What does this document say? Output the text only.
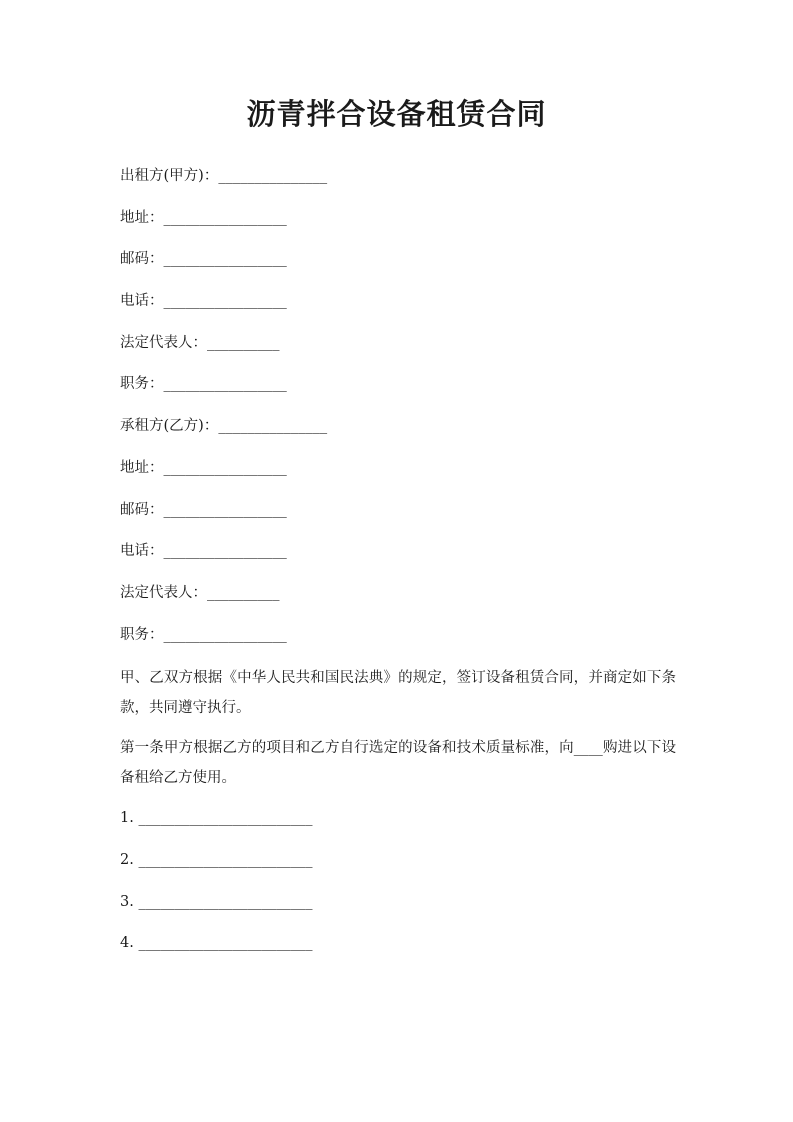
沥青拌合设备租赁合同
出租方(甲方)：_______________
地址：_________________
邮码：_________________
电话：_________________
法定代表人：__________
职务：_________________
承租方(乙方)：_______________
地址：_________________
邮码：_________________
电话：_________________
法定代表人：__________
职务：_________________
甲、乙双方根据《中华人民共和国民法典》的规定，签订设备租赁合同，并商定如下条款，共同遵守执行。
第一条甲方根据乙方的项目和乙方自行选定的设备和技术质量标准，向____购进以下设备租给乙方使用。
1. ________________________
2. ________________________
3. ________________________
4. ________________________
